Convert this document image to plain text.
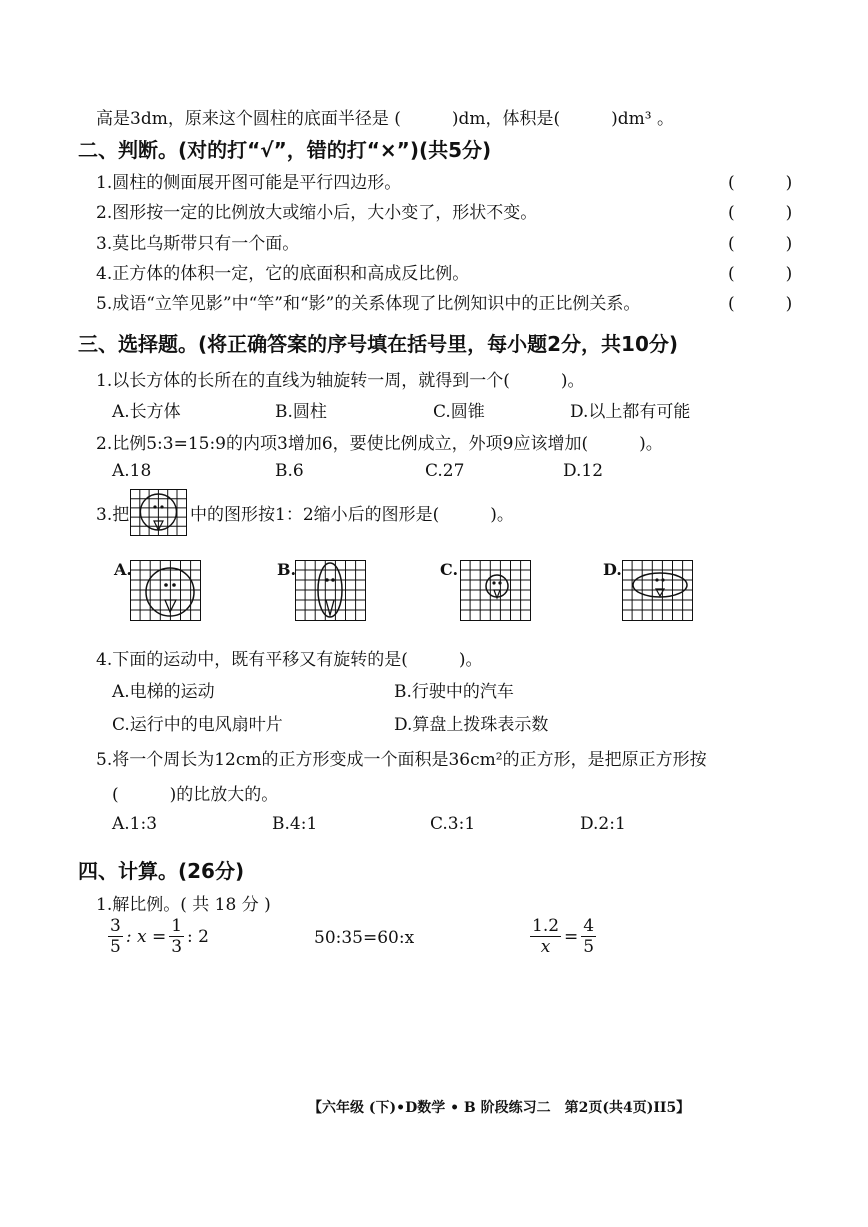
高是3dm，原来这个圆柱的底面半径是 (　　　)dm，体积是(　　　)dm³ 。
二、判断。(对的打“√”，错的打“×”)(共5分)
1.圆柱的侧面展开图可能是平行四边形。	(　　　)
2.图形按一定的比例放大或缩小后，大小变了，形状不变。	(　　　)
3.莫比乌斯带只有一个面。	(　　　)
4.正方体的体积一定，它的底面积和高成反比例。	(　　　)
5.成语“立竿见影”中“竿”和“影”的关系体现了比例知识中的正比例关系。	(　　　)
三、选择题。(将正确答案的序号填在括号里，每小题2分，共10分)
1.以长方体的长所在的直线为轴旋转一周，就得到一个(　　　)。
A.长方体	B.圆柱	C.圆锥	D.以上都有可能
2.比例5:3=15:9的内项3增加6，要使比例成立，外项9应该增加(　　　)。
A.18	B.6	C.27	D.12
3.把	中的图形按1：2缩小后的图形是(　　　)。
A.	B.	C.	D.
4.下面的运动中，既有平移又有旋转的是(　　　)。
A.电梯的运动	B.行驶中的汽车
C.运行中的电风扇叶片	D.算盘上拨珠表示数
5.将一个周长为12cm的正方形变成一个面积是36cm²的正方形，是把原正方形按
(　　　)的比放大的。
A.1:3	B.4:1	C.3:1	D.2:1
四、计算。(26分)
1.解比例。( 共 18 分 )
$\frac{3}{5}$ : $x = \frac{1}{3}$ : 2	50:35=60:x	$\frac{1.2}{x} = \frac{4}{5}$
【六年级 (下)•D数学 • B 阶段练习二　第2页(共4页)II5】
